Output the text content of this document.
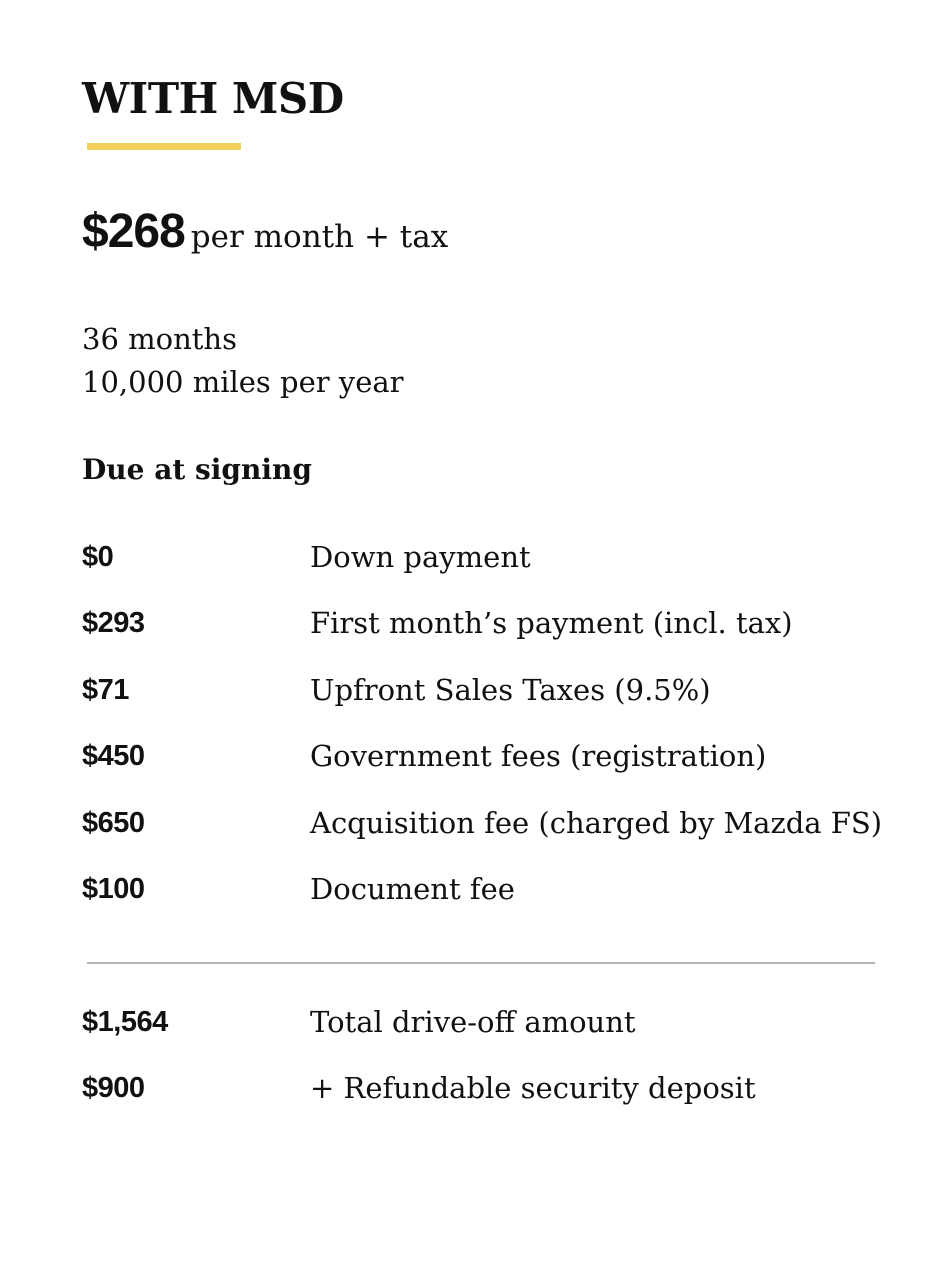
WITH MSD
$268 per month + tax
36 months
10,000 miles per year
Due at signing
$0	Down payment
$293	First month’s payment (incl. tax)
$71	Upfront Sales Taxes (9.5%)
$450	Government fees (registration)
$650	Acquisition fee (charged by Mazda FS)
$100	Document fee
$1,564	Total drive-off amount
$900	+ Refundable security deposit
